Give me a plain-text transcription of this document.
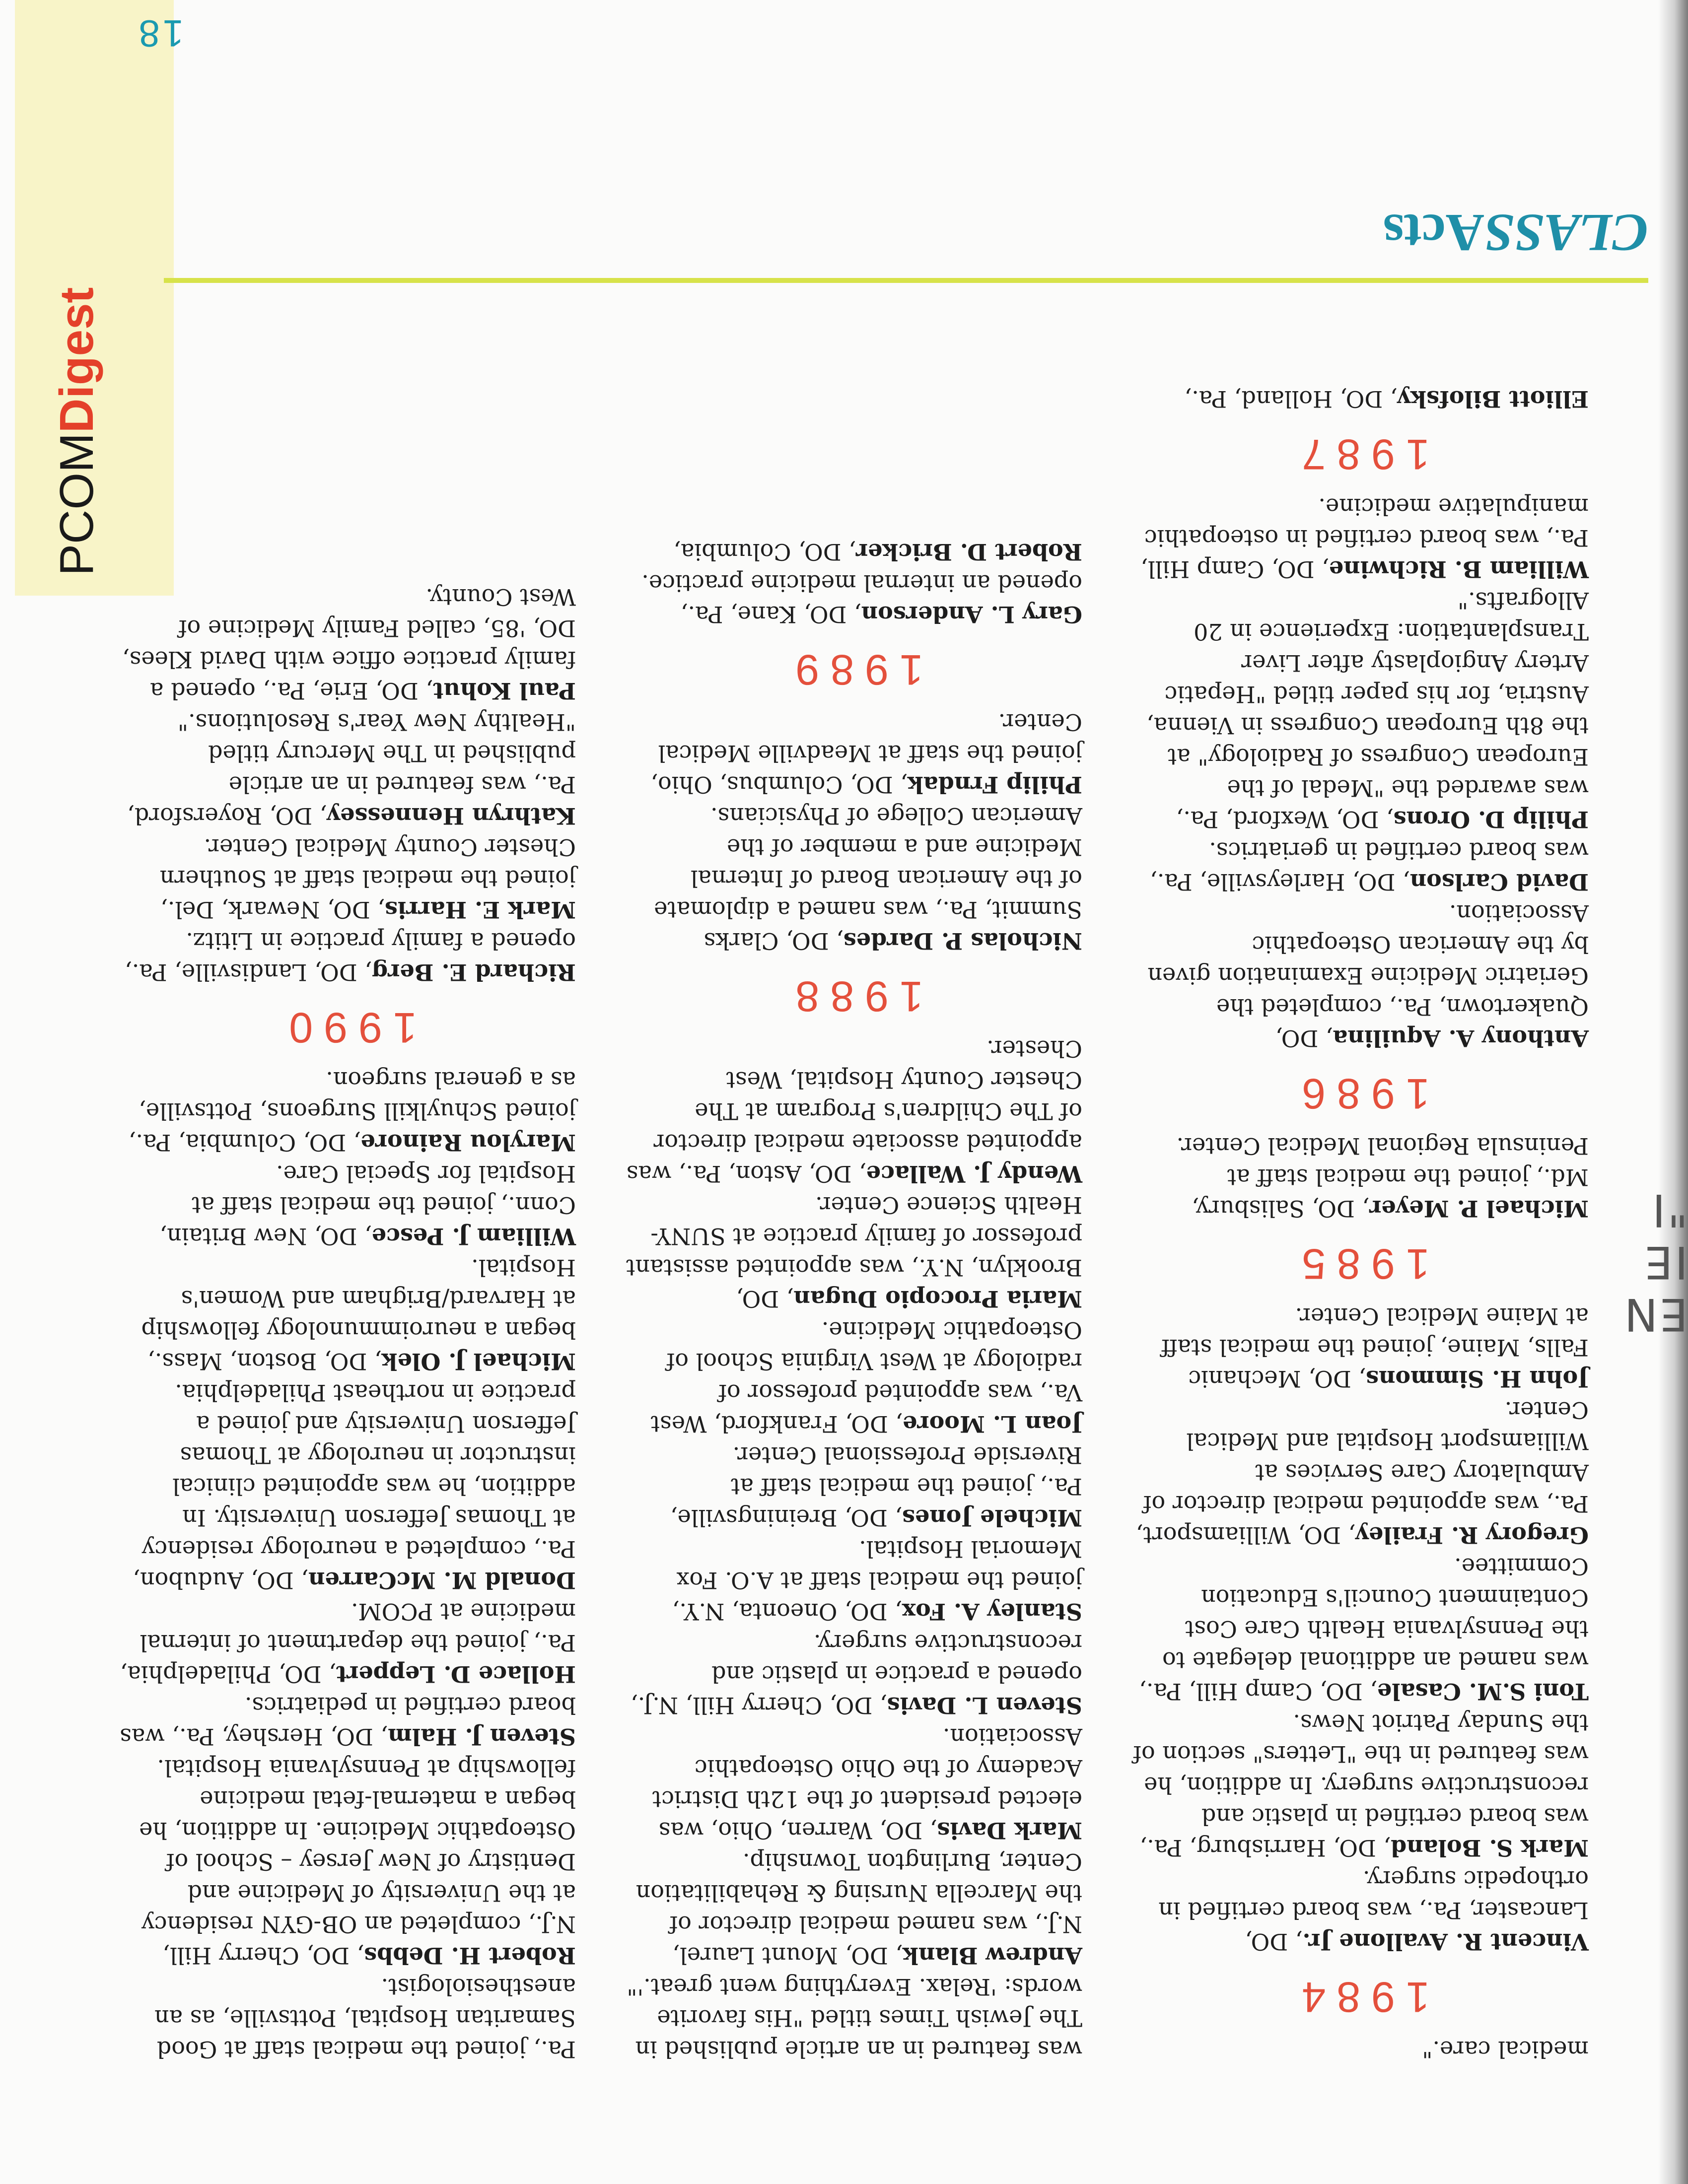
EN
IE
"I
PCOMDigest
CLASSActs
18

medical care."

1984

Vincent R. Avallone Jr., DO, Lancaster, Pa., was board certified in orthopedic surgery.

Mark S. Boland, DO, Harrisburg, Pa., was board certified in plastic and reconstructive surgery. In addition, he was featured in the "Letters" section of the Sunday Patriot News.

Toni S.M. Casale, DO, Camp Hill, Pa., was named an additional delegate to the Pennsylvania Health Care Cost Containment Council's Education Committee.

Gregory R. Frailey, DO, Williamsport, Pa., was appointed medical director of Ambulatory Care Services at Williamsport Hospital and Medical Center.

John H. Simmons, DO, Mechanic Falls, Maine, joined the medical staff at Maine Medical Center.

1985

Michael P. Meyer, DO, Salisbury, Md., joined the medical staff at Peninsula Regional Medical Center.

1986

Anthony A. Aquilina, DO, Quakertown, Pa., completed the Geriatric Medicine Examination given by the American Osteopathic Association.

David Carlson, DO, Harleysville, Pa., was board certified in geriatrics.

Philip D. Orons, DO, Wexford, Pa., was awarded the "Medal of the European Congress of Radiology" at the 8th European Congress in Vienna, Austria, for his paper titled "Hepatic Artery Angioplasty after Liver Transplantation: Experience in 20 Allografts."

William B. Richwine, DO, Camp Hill, Pa., was board certified in osteopathic manipulative medicine.

1987

Elliott Bilofsky, DO, Holland, Pa.,

was featured in an article published in The Jewish Times titled "His favorite words: 'Relax. Everything went great.'"

Andrew Blank, DO, Mount Laurel, N.J., was named medical director of the Marcella Nursing & Rehabilitation Center, Burlington Township.

Mark Davis, DO, Warren, Ohio, was elected president of the 12th District Academy of the Ohio Osteopathic Association.

Steven L. Davis, DO, Cherry Hill, N.J., opened a practice in plastic and reconstructive surgery.

Stanley A. Fox, DO, Oneonta, N.Y., joined the medical staff at A.O. Fox Memorial Hospital.

Michele Jones, DO, Breiningsville, Pa., joined the medical staff at Riverside Professional Center.

Joan L. Moore, DO, Frankford, West Va., was appointed professor of radiology at West Virginia School of Osteopathic Medicine.

Maria Procopio Dugan, DO, Brooklyn, N.Y., was appointed assistant professor of family practice at SUNY-Health Science Center.

Wendy J. Wallace, DO, Aston, Pa., was appointed associate medical director of The Children's Program at The Chester County Hospital, West Chester.

1988

Nicholas P. Dardes, DO, Clarks Summit, Pa., was named a diplomate of the American Board of Internal Medicine and a member of the American College of Physicians.

Philip Frndak, DO, Columbus, Ohio, joined the staff at Meadville Medical Center.

1989

Gary L. Anderson, DO, Kane, Pa., opened an internal medicine practice.

Robert D. Bricker, DO, Columbia,

Pa., joined the medical staff at Good Samaritan Hospital, Pottsville, as an anesthesiologist.

Robert H. Debbs, DO, Cherry Hill, N.J., completed an OB-GYN residency at the University of Medicine and Dentistry of New Jersey – School of Osteopathic Medicine. In addition, he began a maternal-fetal medicine fellowship at Pennsylvania Hospital.

Steven J. Halm, DO, Hershey, Pa., was board certified in pediatrics.

Hollace D. Leppert, DO, Philadelphia, Pa., joined the department of internal medicine at PCOM.

Donald M. McCarren, DO, Audubon, Pa., completed a neurology residency at Thomas Jefferson University. In addition, he was appointed clinical instructor in neurology at Thomas Jefferson University and joined a practice in northeast Philadelphia.

Michael J. Olek, DO, Boston, Mass., began a neuroimmunology fellowship at Harvard/Brigham and Women's Hospital.

William J. Pesce, DO, New Britain, Conn., joined the medical staff at Hospital for Special Care.

Marylou Rainore, DO, Columbia, Pa., joined Schuylkill Surgeons, Pottsville, as a general surgeon.

1990

Richard E. Berg, DO, Landisville, Pa., opened a family practice in Lititz.

Mark E. Harris, DO, Newark, Del., joined the medical staff at Southern Chester County Medical Center.

Kathryn Hennessey, DO, Royersford, Pa., was featured in an article published in The Mercury titled "Healthy New Year's Resolutions."

Paul Kohut, DO, Erie, Pa., opened a family practice office with David Klees, DO, '85, called Family Medicine of West County.
